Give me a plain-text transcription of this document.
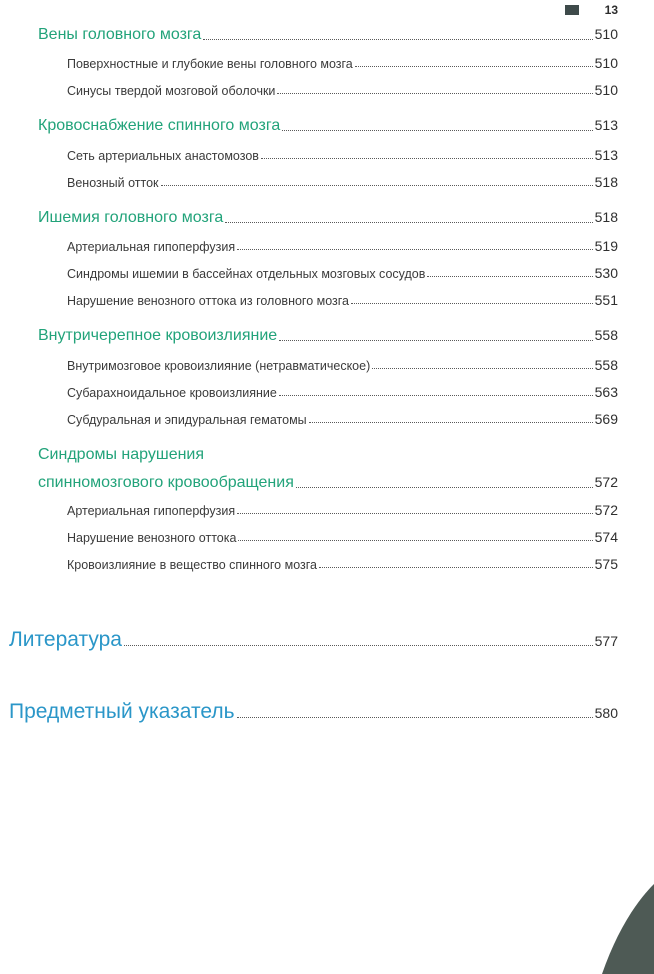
13
Вены головного мозга	510
Поверхностные и глубокие вены головного мозга	510
Синусы твердой мозговой оболочки	510
Кровоснабжение спинного мозга	513
Сеть артериальных анастомозов	513
Венозный отток	518
Ишемия головного мозга	518
Артериальная гипоперфузия	519
Синдромы ишемии в бассейнах отдельных мозговых сосудов	530
Нарушение венозного оттока из головного мозга	551
Внутричерепное кровоизлияние	558
Внутримозговое кровоизлияние (нетравматическое)	558
Субарахноидальное кровоизлияние	563
Субдуральная и эпидуральная гематомы	569
Синдромы нарушения
спинномозгового кровообращения	572
Артериальная гипоперфузия	572
Нарушение венозного оттока	574
Кровоизлияние в вещество спинного мозга	575
Литература	577
Предметный указатель	580
